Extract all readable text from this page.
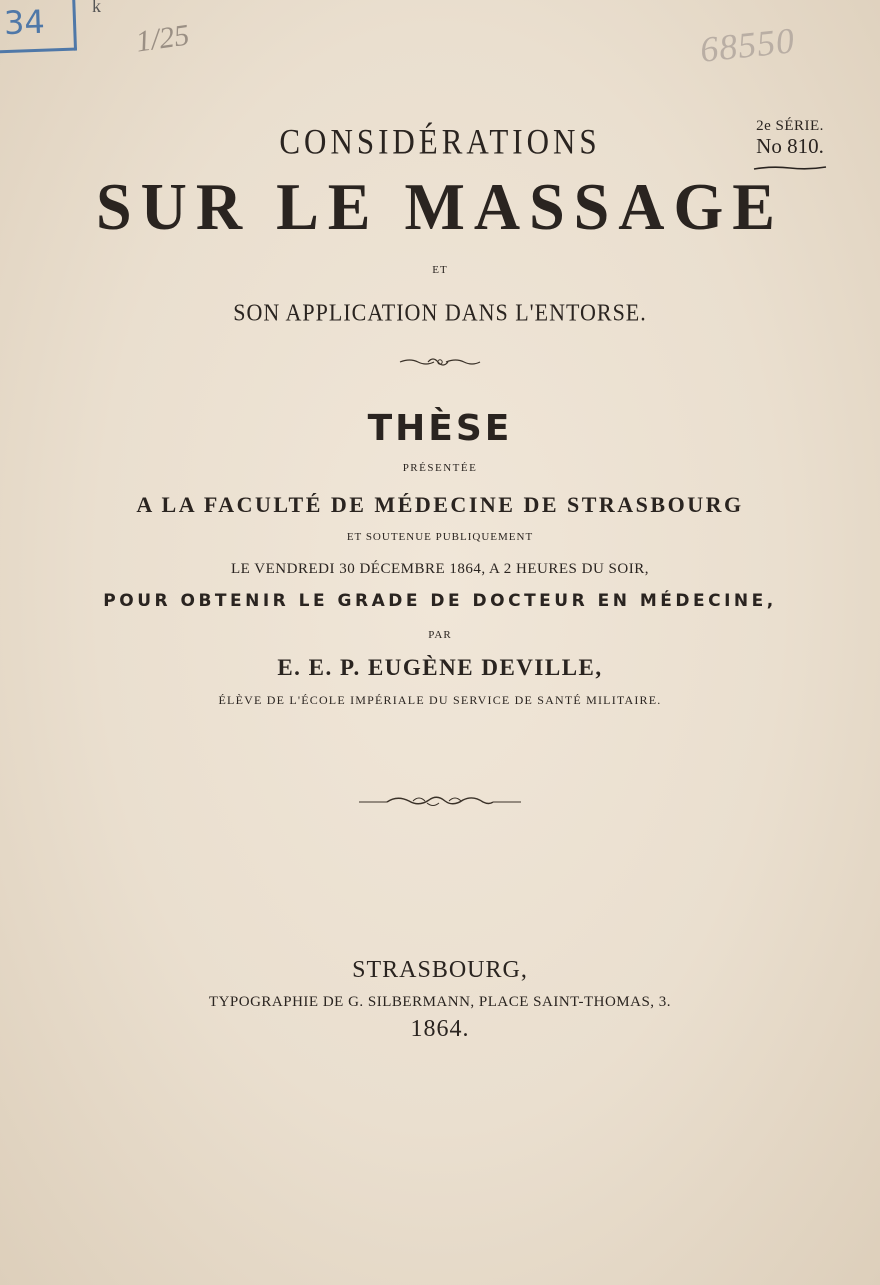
34	k
1/25	68550
2e SÉRIE.
No 810.
CONSIDÉRATIONS
SUR LE MASSAGE
ET
SON APPLICATION DANS L'ENTORSE.
THÈSE
PRÉSENTÉE
A LA FACULTÉ DE MÉDECINE DE STRASBOURG
ET SOUTENUE PUBLIQUEMENT
LE VENDREDI 30 DÉCEMBRE 1864, A 2 HEURES DU SOIR,
POUR OBTENIR LE GRADE DE DOCTEUR EN MÉDECINE,
PAR
E. E. P. EUGÈNE DEVILLE,
ÉLÈVE DE L'ÉCOLE IMPÉRIALE DU SERVICE DE SANTÉ MILITAIRE.
STRASBOURG,
TYPOGRAPHIE DE G. SILBERMANN, PLACE SAINT-THOMAS, 3.
1864.
